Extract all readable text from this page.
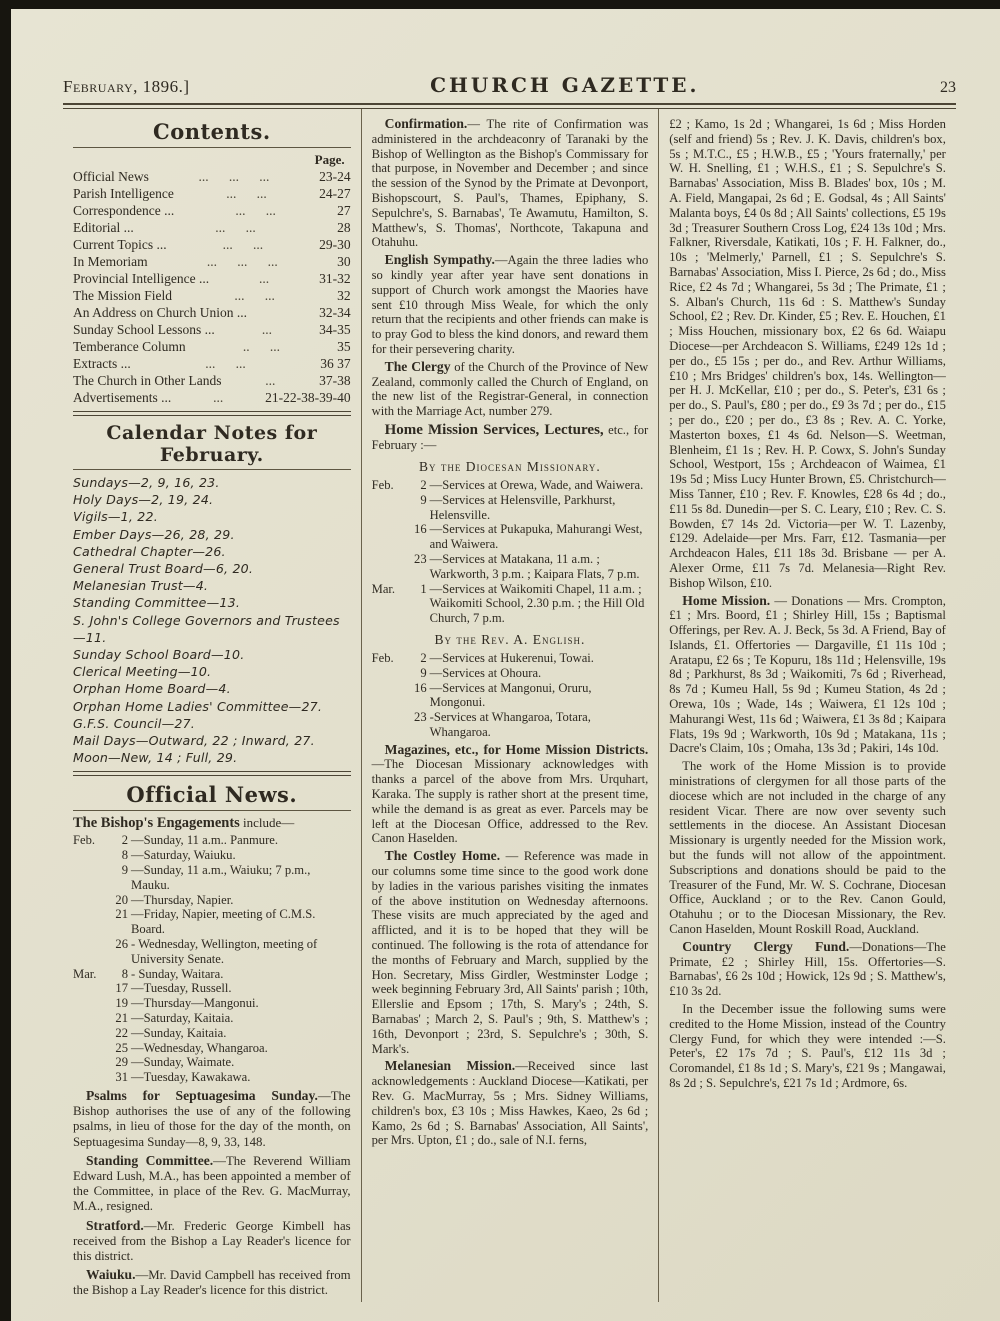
February, 1896.]	CHURCH GAZETTE.	23
Contents.
Page.
Official News	...      ...      ...	23-24
Parish Intelligence	...      ...	24-27
Correspondence ...	...      ...	27
Editorial ...	...      ...	28
Current Topics ...	...      ...	29-30
In Memoriam	...      ...      ...	30
Provincial Intelligence ...	...	31-32
The Mission Field	...      ...	32
An Address on Church Union ...	32-34
Sunday School Lessons ...	...	34-35
Temberance Column	..      ...	35
Extracts ...	...      ...	36 37
The Church in Other Lands	...	37-38
Advertisements ...	...	21-22-38-39-40
Calendar Notes for February.
Sundays—2, 9, 16, 23.
Holy Days—2, 19, 24.
Vigils—1, 22.
Ember Days—26, 28, 29.
Cathedral Chapter—26.
General Trust Board—6, 20.
Melanesian Trust—4.
Standing Committee—13.
S. John's College Governors and Trustees—11.
Sunday School Board—10.
Clerical Meeting—10.
Orphan Home Board—4.
Orphan Home Ladies' Committee—27.
G.F.S. Council—27.
Mail Days—Outward, 22 ; Inward, 27.
Moon—New, 14 ; Full, 29.
Official News.

The Bishop's Engagements include—

Feb.	2 —Sunday, 11 a.m.. Panmure.
8 —Saturday, Waiuku.
9 —Sunday, 11 a.m., Waiuku; 7 p.m., Mauku.
20 —Thursday, Napier.
21 —Friday, Napier, meeting of C.M.S. Board.
26 - Wednesday, Wellington, meeting of University Senate.
Mar.	8 - Sunday, Waitara.
17 —Tuesday, Russell.
19 —Thursday—Mangonui.
21 —Saturday, Kaitaia.
22 —Sunday, Kaitaia.
25 —Wednesday, Whangaroa.
29 —Sunday, Waimate.
31 —Tuesday, Kawakawa.

Psalms for Septuagesima Sunday.—The Bishop authorises the use of any of the following psalms, in lieu of those for the day of the month, on Septuagesima Sunday—8, 9, 33, 148.

Standing Committee.—The Reverend William Edward Lush, M.A., has been appointed a member of the Committee, in place of the Rev. G. MacMurray, M.A., resigned.

Stratford.—Mr. Frederic George Kimbell has received from the Bishop a Lay Reader's licence for this district.

Waiuku.—Mr. David Campbell has received from the Bishop a Lay Reader's licence for this district.

Confirmation.— The rite of Confirmation was administered in the archdeaconry of Taranaki by the Bishop of Wellington as the Bishop's Commissary for that purpose, in November and December ; and since the session of the Synod by the Primate at Devonport, Bishopscourt, S. Paul's, Thames, Epiphany, S. Sepulchre's, S. Barnabas', Te Awamutu, Hamilton, S. Matthew's, S. Thomas', Northcote, Takapuna and Otahuhu.

English Sympathy.—Again the three ladies who so kindly year after year have sent donations in support of Church work amongst the Maories have sent £10 through Miss Weale, for which the only return that the recipients and other friends can make is to pray God to bless the kind donors, and reward them for their persevering charity.

The Clergy of the Church of the Province of New Zealand, commonly called the Church of England, on the new list of the Registrar-General, in connection with the Marriage Act, number 279.

Home Mission Services, Lectures, etc., for February :—

By the Diocesan Missionary.
Feb.	2 —Services at Orewa, Wade, and Waiwera.
9 —Services at Helensville, Parkhurst, Helensville.
16 —Services at Pukapuka, Mahurangi West, and Waiwera.
23 —Services at Matakana, 11 a.m. ; Warkworth, 3 p.m. ; Kaipara Flats, 7 p.m.
Mar.	1 —Services at Waikomiti Chapel, 11 a.m. ; Waikomiti School, 2.30 p.m. ; the Hill Old Church, 7 p.m.
By the Rev. A. English.
Feb.	2 —Services at Hukerenui, Towai.
9 —Services at Ohoura.
16 —Services at Mangonui, Oruru, Mongonui.
23 -Services at Whangaroa, Totara, Whangaroa.

Magazines, etc., for Home Mission Districts.—The Diocesan Missionary acknowledges with thanks a parcel of the above from Mrs. Urquhart, Karaka. The supply is rather short at the present time, while the demand is as great as ever. Parcels may be left at the Diocesan Office, addressed to the Rev. Canon Haselden.

The Costley Home. — Reference was made in our columns some time since to the good work done by ladies in the various parishes visiting the inmates of the above institution on Wednesday afternoons. These visits are much appreciated by the aged and afflicted, and it is to be hoped that they will be continued. The following is the rota of attendance for the months of February and March, supplied by the Hon. Secretary, Miss Girdler, Westminster Lodge ; week beginning February 3rd, All Saints' parish ; 10th, Ellerslie and Epsom ; 17th, S. Mary's ; 24th, S. Barnabas' ; March 2, S. Paul's ; 9th, S. Matthew's ; 16th, Devonport ; 23rd, S. Sepulchre's ; 30th, S. Mark's.

Melanesian Mission.—Received since last acknowledgements : Auckland Diocese—Katikati, per Rev. G. MacMurray, 5s ; Mrs. Sidney Williams, children's box, £3 10s ; Miss Hawkes, Kaeo, 2s 6d ; Kamo, 2s 6d ; S. Barnabas' Association, All Saints', per Mrs. Upton, £1 ; do., sale of N.I. ferns,

£2 ; Kamo, 1s 2d ; Whangarei, 1s 6d ; Miss Horden (self and friend) 5s ; Rev. J. K. Davis, children's box, 5s ; M.T.C., £5 ; H.W.B., £5 ; 'Yours fraternally,' per W. H. Snelling, £1 ; W.H.S., £1 ; S. Sepulchre's S. Barnabas' Association, Miss B. Blades' box, 10s ; M. A. Field, Mangapai, 2s 6d ; E. Godsal, 4s ; All Saints' Malanta boys, £4 0s 8d ; All Saints' collections, £5 19s 3d ; Treasurer Southern Cross Log, £24 13s 10d ; Mrs. Falkner, Riversdale, Katikati, 10s ; F. H. Falkner, do., 10s ; 'Melmerly,' Parnell, £1 ; S. Sepulchre's S. Barnabas' Association, Miss I. Pierce, 2s 6d ; do., Miss Rice, £2 4s 7d ; Whangarei, 5s 3d ; The Primate, £1 ; S. Alban's Church, 11s 6d : S. Matthew's Sunday School, £2 ; Rev. Dr. Kinder, £5 ; Rev. E. Houchen, £1 ; Miss Houchen, missionary box, £2 6s 6d. Waiapu Diocese—per Archdeacon S. Williams, £249 12s 1d ; per do., £5 15s ; per do., and Rev. Arthur Williams, £10 ; Mrs Bridges' children's box, 14s. Wellington—per H. J. McKellar, £10 ; per do., S. Peter's, £31 6s ; per do., S. Paul's, £80 ; per do., £9 3s 7d ; per do., £15 ; per do., £20 ; per do., £3 8s ; Rev. A. C. Yorke, Masterton boxes, £1 4s 6d. Nelson—S. Weetman, Blenheim, £1 1s ; Rev. H. P. Cowx, S. John's Sunday School, Westport, 15s ; Archdeacon of Waimea, £1 19s 5d ; Miss Lucy Hunter Brown, £5. Christchurch—Miss Tanner, £10 ; Rev. F. Knowles, £28 6s 4d ; do., £11 5s 8d. Dunedin—per S. C. Leary, £10 ; Rev. C. S. Bowden, £7 14s 2d. Victoria—per W. T. Lazenby, £129. Adelaide—per Mrs. Farr, £12. Tasmania—per Archdeacon Hales, £11 18s 3d. Brisbane — per A. Alexer Orme, £11 7s 7d. Melanesia—Right Rev. Bishop Wilson, £10.

Home Mission. — Donations — Mrs. Crompton, £1 ; Mrs. Boord, £1 ; Shirley Hill, 15s ; Baptismal Offerings, per Rev. A. J. Beck, 5s 3d. A Friend, Bay of Islands, £1. Offertories — Dargaville, £1 11s 10d ; Aratapu, £2 6s ; Te Kopuru, 18s 11d ; Helensville, 19s 8d ; Parkhurst, 8s 3d ; Waikomiti, 7s 6d ; Riverhead, 8s 7d ; Kumeu Hall, 5s 9d ; Kumeu Station, 4s 2d ; Orewa, 10s ; Wade, 14s ; Waiwera, £1 12s 10d ; Mahurangi West, 11s 6d ; Waiwera, £1 3s 8d ; Kaipara Flats, 19s 9d ; Warkworth, 10s 9d ; Matakana, 11s ; Dacre's Claim, 10s ; Omaha, 13s 3d ; Pakiri, 14s 10d.

The work of the Home Mission is to provide ministrations of clergymen for all those parts of the diocese which are not included in the charge of any resident Vicar. There are now over seventy such settlements in the diocese. An Assistant Diocesan Missionary is urgently needed for the Mission work, but the funds will not allow of the appointment. Subscriptions and donations should be paid to the Treasurer of the Fund, Mr. W. S. Cochrane, Diocesan Office, Auckland ; or to the Rev. Canon Gould, Otahuhu ; or to the Diocesan Missionary, the Rev. Canon Haselden, Mount Roskill Road, Auckland.

Country Clergy Fund.—Donations—The Primate, £2 ; Shirley Hill, 15s. Offertories—S. Barnabas', £6 2s 10d ; Howick, 12s 9d ; S. Matthew's, £10 3s 2d.

In the December issue the following sums were credited to the Home Mission, instead of the Country Clergy Fund, for which they were intended :—S. Peter's, £2 17s 7d ; S. Paul's, £12 11s 3d ; Coromandel, £1 8s 1d ; S. Mary's, £21 9s ; Mangawai, 8s 2d ; S. Sepulchre's, £21 7s 1d ; Ardmore, 6s.
